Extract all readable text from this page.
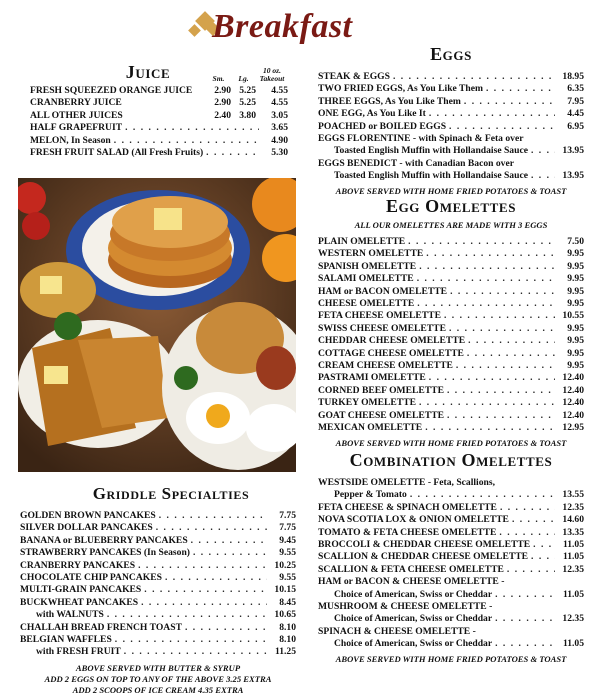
Breakfast
Juice	Sm.	Lg.
10 oz. Takeout
FRESH SQUEEZED ORANGE JUICE	2.90 5.25	4.55
CRANBERRY JUICE	2.90 5.25	4.55
ALL OTHER JUICES	2.40 3.80	3.05
HALF GRAPEFRUIT . . .	3.65
MELON, In Season . . .	4.90
FRESH FRUIT SALAD (All Fresh Fruits) . . .	5.30
Griddle Specialties
GOLDEN BROWN PANCAKES . . .	7.75
SILVER DOLLAR PANCAKES . . .	7.75
BANANA or BLUEBERRY PANCAKES . . .	9.45
STRAWBERRY PANCAKES (In Season) . . .	9.55
CRANBERRY PANCAKES . . .	10.25
CHOCOLATE CHIP PANCAKES . . .	9.55
MULTI-GRAIN PANCAKES . . .	10.15
BUCKWHEAT PANCAKES . . .	8.45
with WALNUTS . . .	10.65
CHALLAH BREAD FRENCH TOAST . . .	8.10
BELGIAN WAFFLES . . .	8.10
with FRESH FRUIT . . .	11.25
ABOVE SERVED WITH BUTTER & SYRUP
ADD 2 EGGS ON TOP TO ANY OF THE ABOVE 3.25 EXTRA
ADD 2 SCOOPS OF ICE CREAM 4.35 EXTRA
Eggs
STEAK & EGGS . . .	18.95
TWO FRIED EGGS, As You Like Them . . .	6.35
THREE EGGS, As You Like Them . . .	7.95
ONE EGG, As You Like It . . .	4.45
POACHED or BOILED EGGS . . .	6.95
EGGS FLORENTINE - with Spinach & Feta over
Toasted English Muffin with Hollandaise Sauce . . .	13.95
EGGS BENEDICT - with Canadian Bacon over
Toasted English Muffin with Hollandaise Sauce . . .	13.95
ABOVE SERVED WITH HOME FRIED POTATOES & TOAST
Egg Omelettes
ALL OUR OMELETTES ARE MADE WITH 3 EGGS
PLAIN OMELETTE . . .	7.50
WESTERN OMELETTE . . .	9.95
SPANISH OMELETTE . . .	9.95
SALAMI OMELETTE . . .	9.95
HAM or BACON OMELETTE . . .	9.95
CHEESE OMELETTE . . .	9.95
FETA CHEESE OMELETTE . . .	10.55
SWISS CHEESE OMELETTE . . .	9.95
CHEDDAR CHEESE OMELETTE . . .	9.95
COTTAGE CHEESE OMELETTE . . .	9.95
CREAM CHEESE OMELETTE . . .	9.95
PASTRAMI OMELETTE . . .	12.40
CORNED BEEF OMELETTE . . .	12.40
TURKEY OMELETTE . . .	12.40
GOAT CHEESE OMELETTE . . .	12.40
MEXICAN OMELETTE . . .	12.95
ABOVE SERVED WITH HOME FRIED POTATOES & TOAST
Combination Omelettes
WESTSIDE OMELETTE - Feta, Scallions,
Pepper & Tomato . . .	13.55
FETA CHEESE & SPINACH OMELETTE . . .	12.35
NOVA SCOTIA LOX & ONION OMELETTE . . .	14.60
TOMATO & FETA CHEESE OMELETTE . . .	13.35
BROCCOLI & CHEDDAR CHEESE OMELETTE . . .	11.05
SCALLION & CHEDDAR CHEESE OMELETTE . . .	11.05
SCALLION & FETA CHEESE OMELETTE . . .	12.35
HAM or BACON & CHEESE OMELETTE -
Choice of American, Swiss or Cheddar . . .	11.05
MUSHROOM & CHEESE OMELETTE -
Choice of American, Swiss or Cheddar . . .	12.35
SPINACH & CHEESE OMELETTE -
Choice of American, Swiss or Cheddar . . .	11.05
ABOVE SERVED WITH HOME FRIED POTATOES & TOAST
